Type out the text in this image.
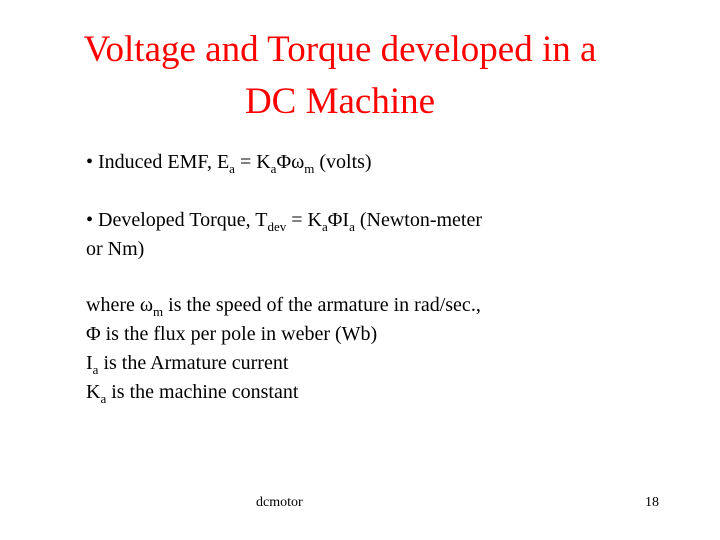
Voltage and Torque developed in a
DC Machine
• Induced EMF, $E_a = K_a\Phi\omega_m$ (volts)
• Developed Torque, $T_{dev} = K_a\Phi I_a$ (Newton-meter
or Nm)
where $\omega_m$ is the speed of the armature in rad/sec.,
Φ is the flux per pole in weber (Wb)
$I_a$ is the Armature current
$K_a$ is the machine constant
dcmotor	18
